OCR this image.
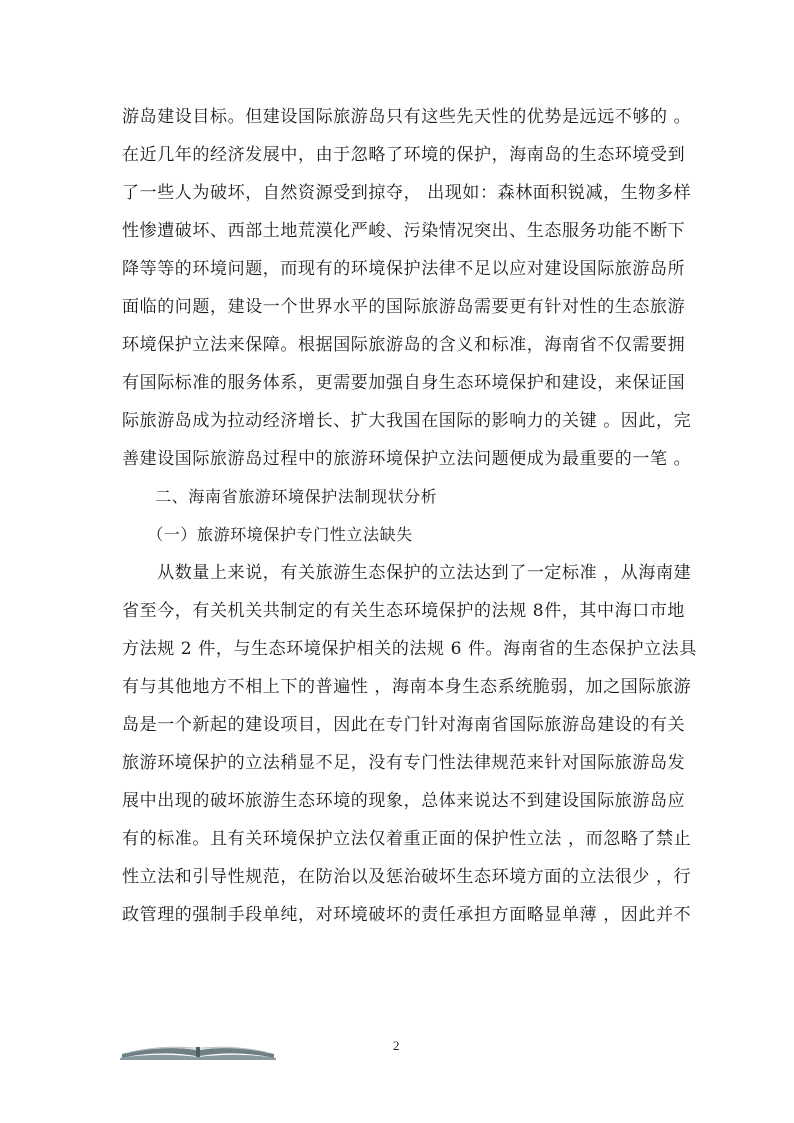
游岛建设目标。但建设国际旅游岛只有这些先天性的优势是远远不够的 。
在近几年的经济发展中，由于忽略了环境的保护，海南岛的生态环境受到
了一些人为破坏，自然资源受到掠夺， 出现如：森林面积锐减，生物多样
性惨遭破坏、西部土地荒漠化严峻、污染情况突出、生态服务功能不断下
降等等的环境问题，而现有的环境保护法律不足以应对建设国际旅游岛所
面临的问题，建设一个世界水平的国际旅游岛需要更有针对性的生态旅游
环境保护立法来保障。根据国际旅游岛的含义和标准，海南省不仅需要拥
有国际标准的服务体系，更需要加强自身生态环境保护和建设，来保证国
际旅游岛成为拉动经济增长、扩大我国在国际的影响力的关键 。因此，完
善建设国际旅游岛过程中的旅游环境保护立法问题便成为最重要的一笔 。
　　二、海南省旅游环境保护法制现状分析
　　（一）旅游环境保护专门性立法缺失
　　从数量上来说，有关旅游生态保护的立法达到了一定标准 ，从海南建
省至今，有关机关共制定的有关生态环境保护的法规 8件，其中海口市地
方法规 2 件，与生态环境保护相关的法规 6 件。海南省的生态保护立法具
有与其他地方不相上下的普遍性 ，海南本身生态系统脆弱，加之国际旅游
岛是一个新起的建设项目，因此在专门针对海南省国际旅游岛建设的有关
旅游环境保护的立法稍显不足，没有专门性法律规范来针对国际旅游岛发
展中出现的破坏旅游生态环境的现象，总体来说达不到建设国际旅游岛应
有的标准。且有关环境保护立法仅着重正面的保护性立法 ，而忽略了禁止
性立法和引导性规范，在防治以及惩治破坏生态环境方面的立法很少 ，行
政管理的强制手段单纯，对环境破坏的责任承担方面略显单薄 ，因此并不
2
